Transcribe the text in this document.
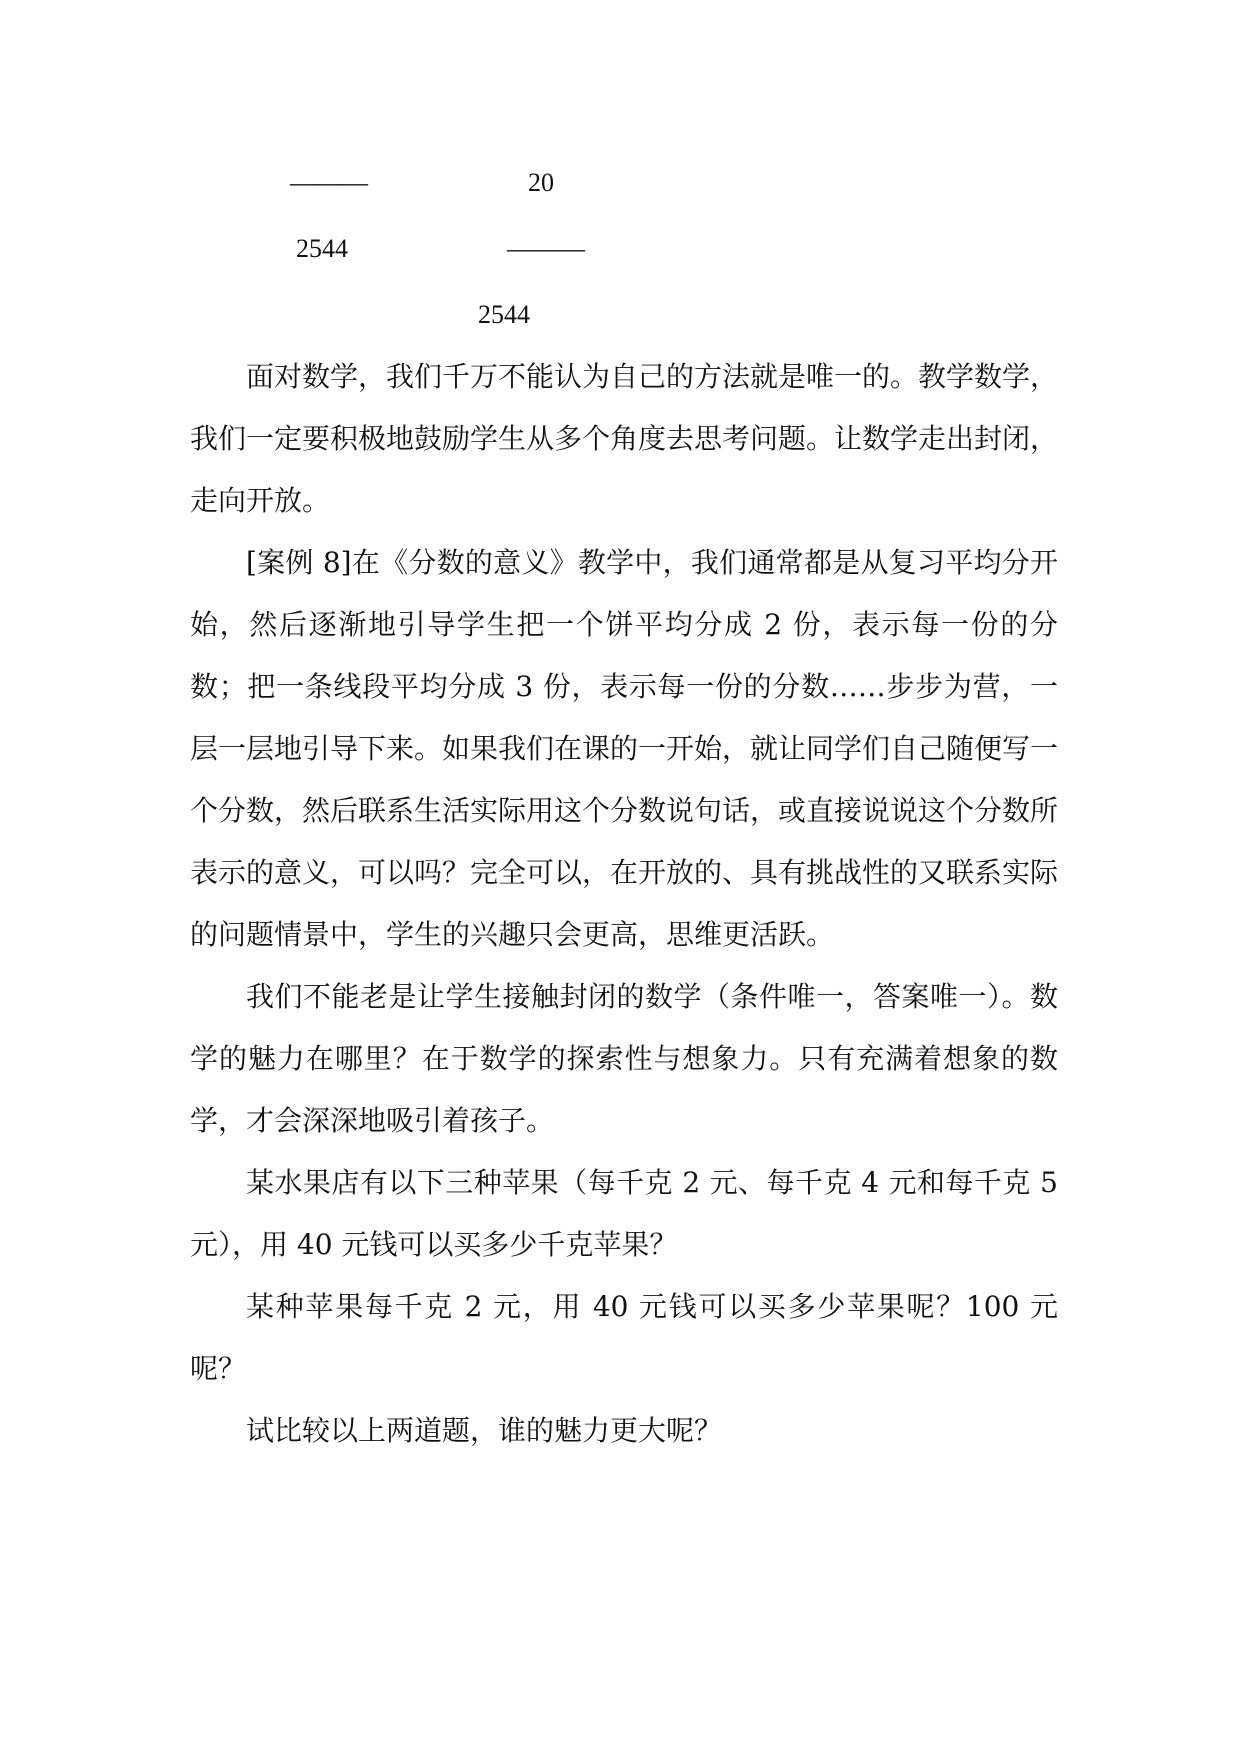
———	20
2544	———
2544

面对数学，我们千万不能认为自己的方法就是唯一的。教学数学，我们一定要积极地鼓励学生从多个角度去思考问题。让数学走出封闭，走向开放。

[案例 8]在《分数的意义》教学中，我们通常都是从复习平均分开始，然后逐渐地引导学生把一个饼平均分成 2 份，表示每一份的分数；把一条线段平均分成 3 份，表示每一份的分数……步步为营，一层一层地引导下来。如果我们在课的一开始，就让同学们自己随便写一个分数，然后联系生活实际用这个分数说句话，或直接说说这个分数所表示的意义，可以吗？完全可以，在开放的、具有挑战性的又联系实际的问题情景中，学生的兴趣只会更高，思维更活跃。

我们不能老是让学生接触封闭的数学（条件唯一，答案唯一）。数学的魅力在哪里？在于数学的探索性与想象力。只有充满着想象的数学，才会深深地吸引着孩子。

某水果店有以下三种苹果（每千克 2 元、每千克 4 元和每千克 5 元），用 40 元钱可以买多少千克苹果？

某种苹果每千克 2 元，用 40 元钱可以买多少苹果呢？100 元呢？

试比较以上两道题，谁的魅力更大呢？
